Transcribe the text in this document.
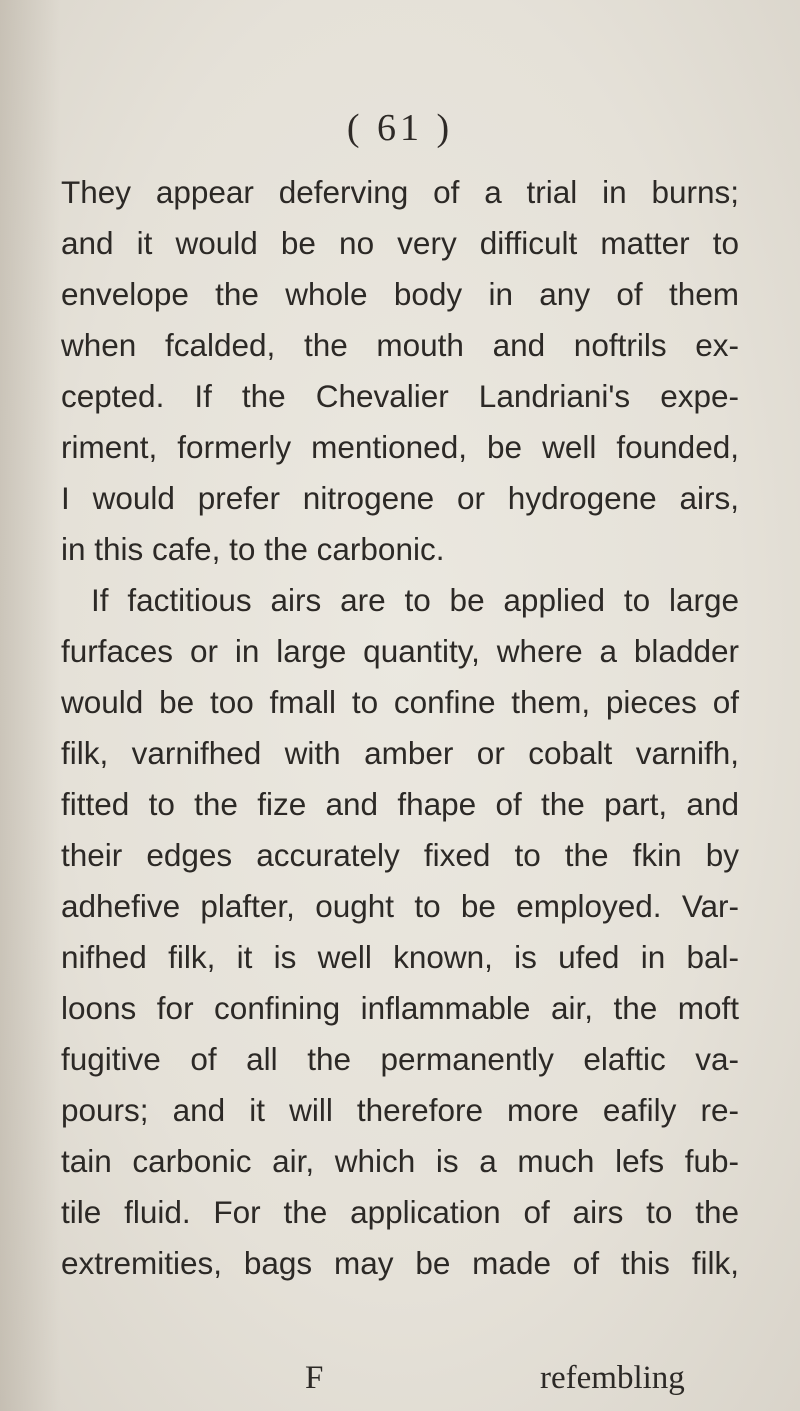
( 61 )

They appear deferving of a trial in burns;

and it would be no very difficult matter to

envelope the whole body in any of them

when fcalded, the mouth and noftrils ex-

cepted. If the Chevalier Landriani's expe-

riment, formerly mentioned, be well founded,

I would prefer nitrogene or hydrogene airs,

in this cafe, to the carbonic.

If factitious airs are to be applied to large

furfaces or in large quantity, where a bladder

would be too fmall to confine them, pieces of

filk, varnifhed with amber or cobalt varnifh,

fitted to the fize and fhape of the part, and

their edges accurately fixed to the fkin by

adhefive plafter, ought to be employed. Var-

nifhed filk, it is well known, is ufed in bal-

loons for confining inflammable air, the moft

fugitive of all the permanently elaftic va-

pours; and it will therefore more eafily re-

tain carbonic air, which is a much lefs fub-

tile fluid. For the application of airs to the

extremities, bags may be made of this filk,

F	refembling
